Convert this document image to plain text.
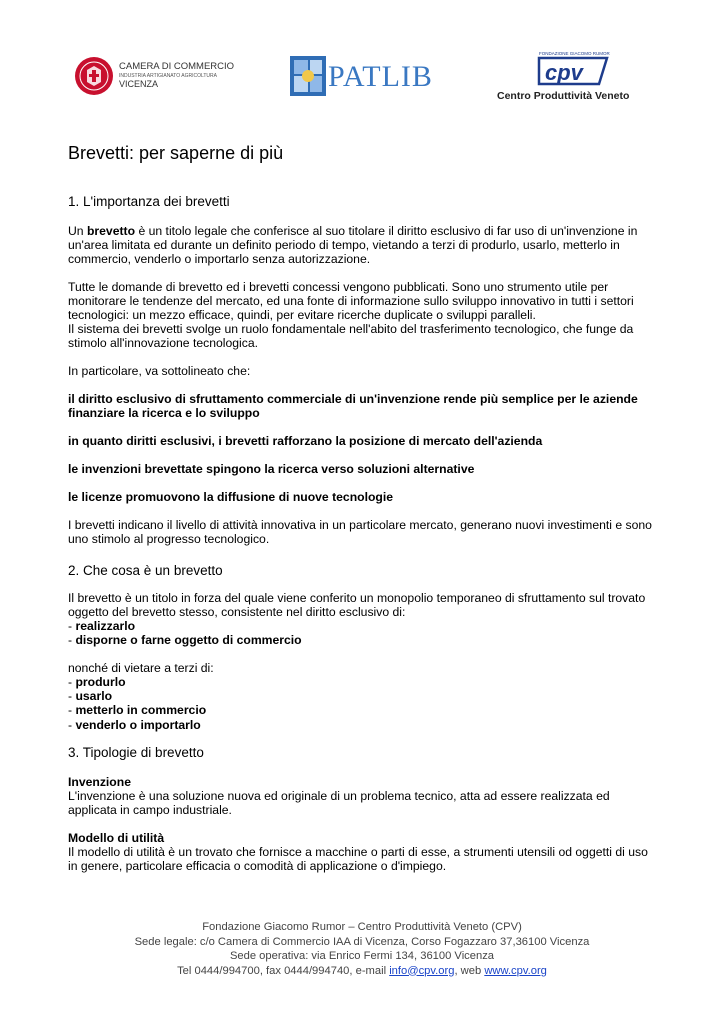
CAMERA DI COMMERCIO
INDUSTRIA ARTIGIANATO AGRICOLTURA
VICENZA	PATLIB
FONDAZIONE GIACOMO RUMOR
cpv
Centro Produttività Veneto
Brevetti: per saperne di più
1. L'importanza dei brevetti
Un brevetto è un titolo legale che conferisce al suo titolare il diritto esclusivo di far uso di un'invenzione in un'area limitata ed durante un definito periodo di tempo, vietando a terzi di produrlo, usarlo, metterlo in commercio, venderlo o importarlo senza autorizzazione.
Tutte le domande di brevetto ed i brevetti concessi vengono pubblicati. Sono uno strumento utile per monitorare le tendenze del mercato, ed una fonte di informazione sullo sviluppo innovativo in tutti i settori tecnologici: un mezzo efficace, quindi, per evitare ricerche duplicate o sviluppi paralleli.
Il sistema dei brevetti svolge un ruolo fondamentale nell'abito del trasferimento tecnologico, che funge da stimolo all'innovazione tecnologica.
In particolare, va sottolineato che:
il diritto esclusivo di sfruttamento commerciale di un'invenzione rende più semplice per le aziende finanziare la ricerca e lo sviluppo
in quanto diritti esclusivi, i brevetti rafforzano la posizione di mercato dell'azienda
le invenzioni brevettate spingono la ricerca verso soluzioni alternative
le licenze promuovono la diffusione di nuove tecnologie
I brevetti indicano il livello di attività innovativa in un particolare mercato, generano nuovi investimenti e sono uno stimolo al progresso tecnologico.
2. Che cosa è un brevetto
Il brevetto è un titolo in forza del quale viene conferito un monopolio temporaneo di sfruttamento sul trovato oggetto del brevetto stesso, consistente nel diritto esclusivo di:
- realizzarlo
- disporne o farne oggetto di commercio
nonché di vietare a terzi di:
- produrlo
- usarlo
- metterlo in commercio
- venderlo o importarlo
3. Tipologie di brevetto
Invenzione
L'invenzione è una soluzione nuova ed originale di un problema tecnico, atta ad essere realizzata ed applicata in campo industriale.
Modello di utilità
Il modello di utilità è un trovato che fornisce a macchine o parti di esse, a strumenti utensili od oggetti di uso in genere, particolare efficacia o comodità di applicazione o d'impiego.
Fondazione Giacomo Rumor – Centro Produttività Veneto (CPV)
Sede legale: c/o Camera di Commercio IAA di Vicenza, Corso Fogazzaro 37,36100 Vicenza
Sede operativa: via Enrico Fermi 134, 36100 Vicenza
Tel 0444/994700, fax 0444/994740, e-mail info@cpv.org, web www.cpv.org
